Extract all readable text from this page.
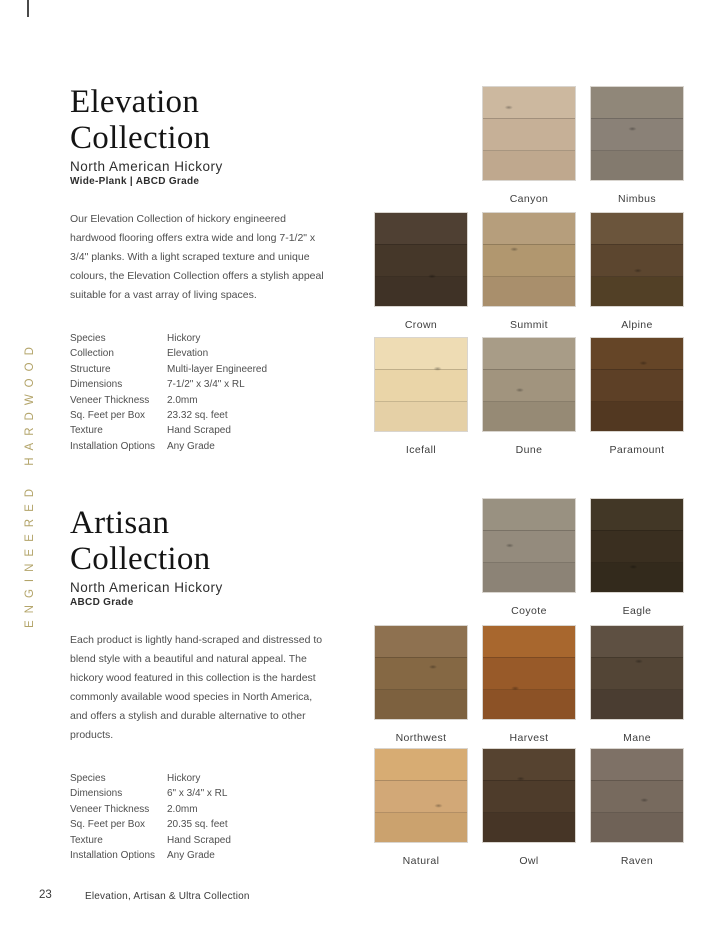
ENGINEERED HARDWOOD
Elevation
Collection
North American Hickory
Wide-Plank | ABCD Grade
Our Elevation Collection of hickory engineered hardwood flooring offers extra wide and long 7-1/2" x 3/4" planks. With a light scraped texture and unique colours, the Elevation Collection offers a stylish appeal suitable for a vast array of living spaces.
Species	Hickory
Collection	Elevation
Structure	Multi-layer Engineered
Dimensions	7-1/2" x 3/4" x RL
Veneer Thickness	2.0mm
Sq. Feet per Box	23.32 sq. feet
Texture	Hand Scraped
Installation Options	Any Grade
Artisan
Collection
North American Hickory
ABCD Grade
Each product is lightly hand-scraped and distressed to blend style with a beautiful and natural appeal. The hickory wood featured in this collection is the hardest commonly available wood species in North America, and offers a stylish and durable alternative to other products.
Species	Hickory
Dimensions	6" x 3/4" x RL
Veneer Thickness	2.0mm
Sq. Feet per Box	20.35 sq. feet
Texture	Hand Scraped
Installation Options	Any Grade
Canyon	Nimbus
Crown	Summit	Alpine
Icefall	Dune	Paramount
Coyote	Eagle
Northwest	Harvest	Mane
Natural	Owl	Raven
23	Elevation, Artisan & Ultra Collection
